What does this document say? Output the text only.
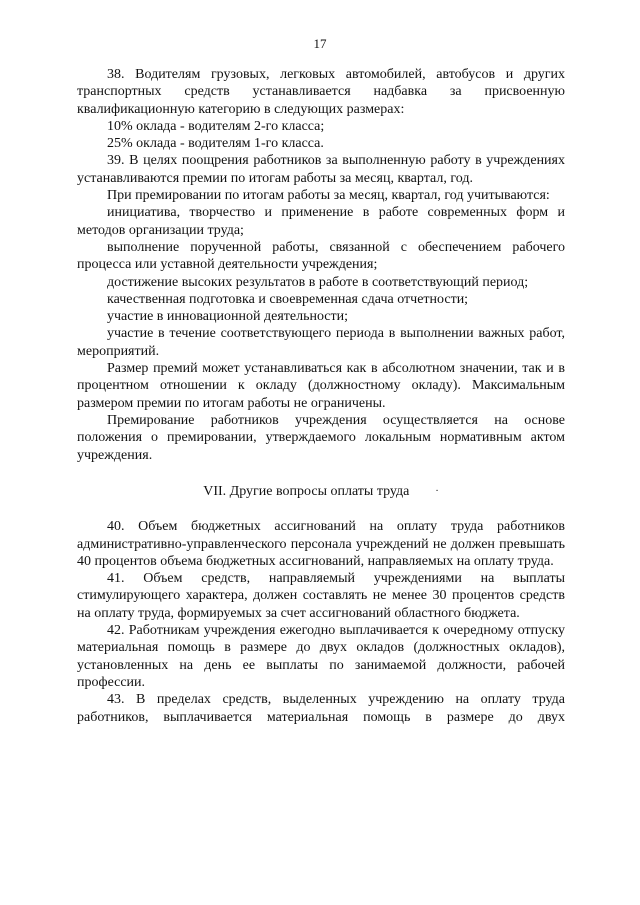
17

38. Водителям грузовых, легковых автомобилей, автобусов и других транспортных средств устанавливается надбавка за присвоенную квалификационную категорию в следующих размерах:

10% оклада - водителям 2-го класса;

25% оклада - водителям 1-го класса.

39. В целях поощрения работников за выполненную работу в учреждениях устанавливаются премии по итогам работы за месяц, квартал, год.

При премировании по итогам работы за месяц, квартал, год учитываются:

инициатива, творчество и применение в работе современных форм и методов организации труда;

выполнение порученной работы, связанной с обеспечением рабочего процесса или уставной деятельности учреждения;

достижение высоких результатов в работе в соответствующий период;

качественная подготовка и своевременная сдача отчетности;

участие в инновационной деятельности;

участие в течение соответствующего периода в выполнении важных работ, мероприятий.

Размер премий может устанавливаться как в абсолютном значении, так и в процентном отношении к окладу (должностному окладу). Максимальным размером премии по итогам работы не ограничены.

Премирование работников учреждения осуществляется на основе положения о премировании, утверждаемого локальным нормативным актом учреждения.

VII. Другие вопросы оплаты труда	·

40. Объем бюджетных ассигнований на оплату труда работников административно-управленческого персонала учреждений не должен превышать 40 процентов объема бюджетных ассигнований, направляемых на оплату труда.

41. Объем средств, направляемый учреждениями на выплаты стимулирующего характера, должен составлять не менее 30 процентов средств на оплату труда, формируемых за счет ассигнований областного бюджета.

42. Работникам учреждения ежегодно выплачивается к очередному отпуску материальная помощь в размере до двух окладов (должностных окладов), установленных на день ее выплаты по занимаемой должности, рабочей профессии.

43. В пределах средств, выделенных учреждению на оплату труда работников, выплачивается материальная помощь в размере до двух
